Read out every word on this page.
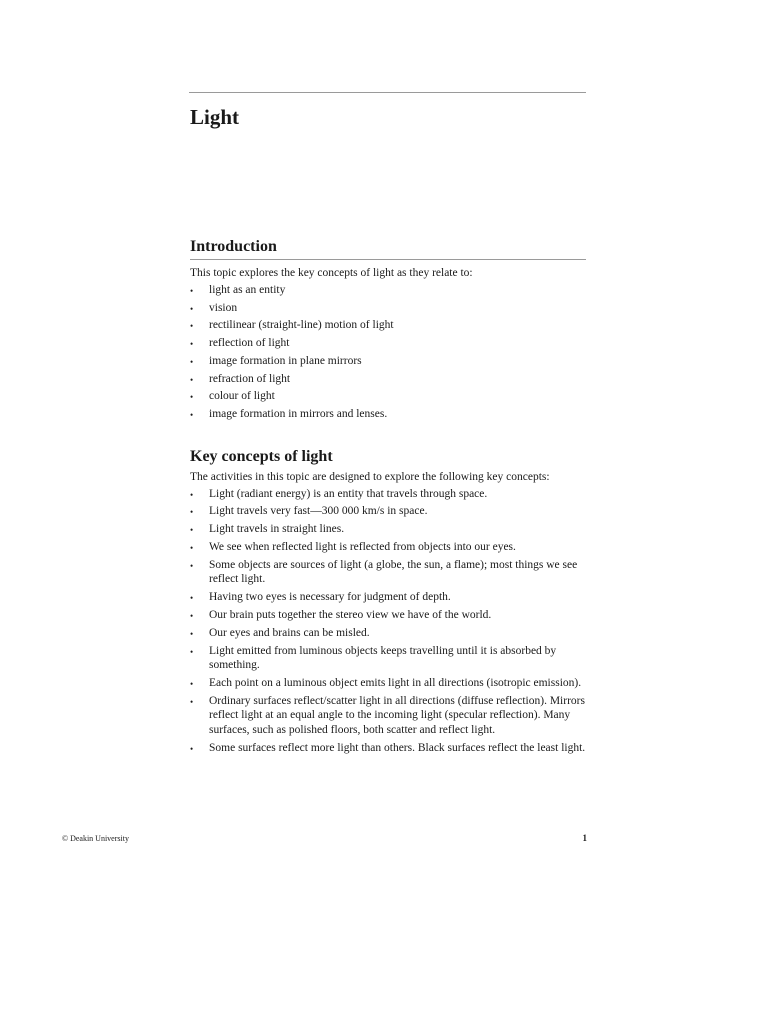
Light
Introduction

This topic explores the key concepts of light as they relate to:

• light as an entity
• vision
• rectilinear (straight-line) motion of light
• reflection of light
• image formation in plane mirrors
• refraction of light
• colour of light
• image formation in mirrors and lenses.
Key concepts of light

The activities in this topic are designed to explore the following key concepts:

• Light (radiant energy) is an entity that travels through space.
• Light travels very fast—300 000 km/s in space.
• Light travels in straight lines.
• We see when reflected light is reflected from objects into our eyes.
• Some objects are sources of light (a globe, the sun, a flame); most things we see reflect light.
• Having two eyes is necessary for judgment of depth.
• Our brain puts together the stereo view we have of the world.
• Our eyes and brains can be misled.
• Light emitted from luminous objects keeps travelling until it is absorbed by something.
• Each point on a luminous object emits light in all directions (isotropic emission).
• Ordinary surfaces reflect/scatter light in all directions (diffuse reflection). Mirrors reflect light at an equal angle to the incoming light (specular reflection). Many surfaces, such as polished floors, both scatter and reflect light.
• Some surfaces reflect more light than others. Black surfaces reflect the least light.
© Deakin University	1
